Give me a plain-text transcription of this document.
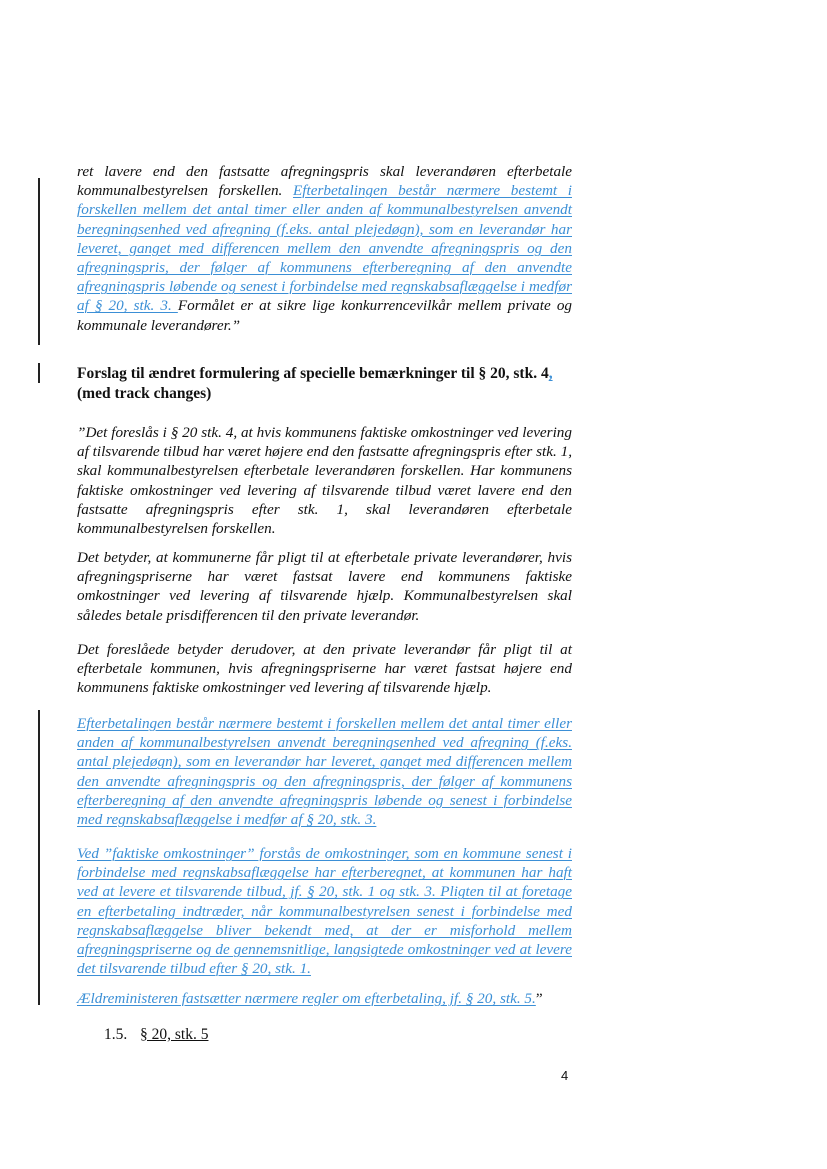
ret lavere end den fastsatte afregningspris skal leverandøren efterbetale kommunalbestyrelsen forskellen. Efterbetalingen består nærmere bestemt i forskellen mellem det antal timer eller anden af kommunalbestyrelsen anvendt beregningsenhed ved afregning (f.eks. antal plejedøgn), som en leverandør har leveret, ganget med differencen mellem den anvendte afregningspris og den afregningspris, der følger af kommunens efterberegning af den anvendte afregningspris løbende og senest i forbindelse med regnskabsaflæggelse i medfør af § 20, stk. 3. Formålet er at sikre lige konkurrencevilkår mellem private og kommunale leverandører.”
Forslag til ændret formulering af specielle bemærkninger til § 20, stk. 4,
(med track changes)
”Det foreslås i § 20 stk. 4, at hvis kommunens faktiske omkostninger ved levering af tilsvarende tilbud har været højere end den fastsatte afregningspris efter stk. 1, skal kommunalbestyrelsen efterbetale leverandøren forskellen. Har kommunens faktiske omkostninger ved levering af tilsvarende tilbud været lavere end den fastsatte afregningspris efter stk. 1, skal leverandøren efterbetale kommunalbestyrelsen forskellen.
Det betyder, at kommunerne får pligt til at efterbetale private leverandører, hvis afregningspriserne har været fastsat lavere end kommunens faktiske omkostninger ved levering af tilsvarende hjælp. Kommunalbestyrelsen skal således betale prisdifferencen til den private leverandør.
Det foreslåede betyder derudover, at den private leverandør får pligt til at efterbetale kommunen, hvis afregningspriserne har været fastsat højere end kommunens faktiske omkostninger ved levering af tilsvarende hjælp.
Efterbetalingen består nærmere bestemt i forskellen mellem det antal timer eller anden af kommunalbestyrelsen anvendt beregningsenhed ved afregning (f.eks. antal plejedøgn), som en leverandør har leveret, ganget med differencen mellem den anvendte afregningspris og den afregningspris, der følger af kommunens efterberegning af den anvendte afregningspris løbende og senest i forbindelse med regnskabsaflæggelse i medfør af § 20, stk. 3.
Ved ”faktiske omkostninger” forstås de omkostninger, som en kommune senest i forbindelse med regnskabsaflæggelse har efterberegnet, at kommunen har haft ved at levere et tilsvarende tilbud, jf. § 20, stk. 1 og stk. 3. Pligten til at foretage en efterbetaling indtræder, når kommunalbestyrelsen senest i forbindelse med regnskabsaflæggelse bliver bekendt med, at der er misforhold mellem afregningspriserne og de gennemsnitlige, langsigtede omkostninger ved at levere det tilsvarende tilbud efter § 20, stk. 1.
Ældreministeren fastsætter nærmere regler om efterbetaling, jf. § 20, stk. 5.”
1.5. § 20, stk. 5
4
